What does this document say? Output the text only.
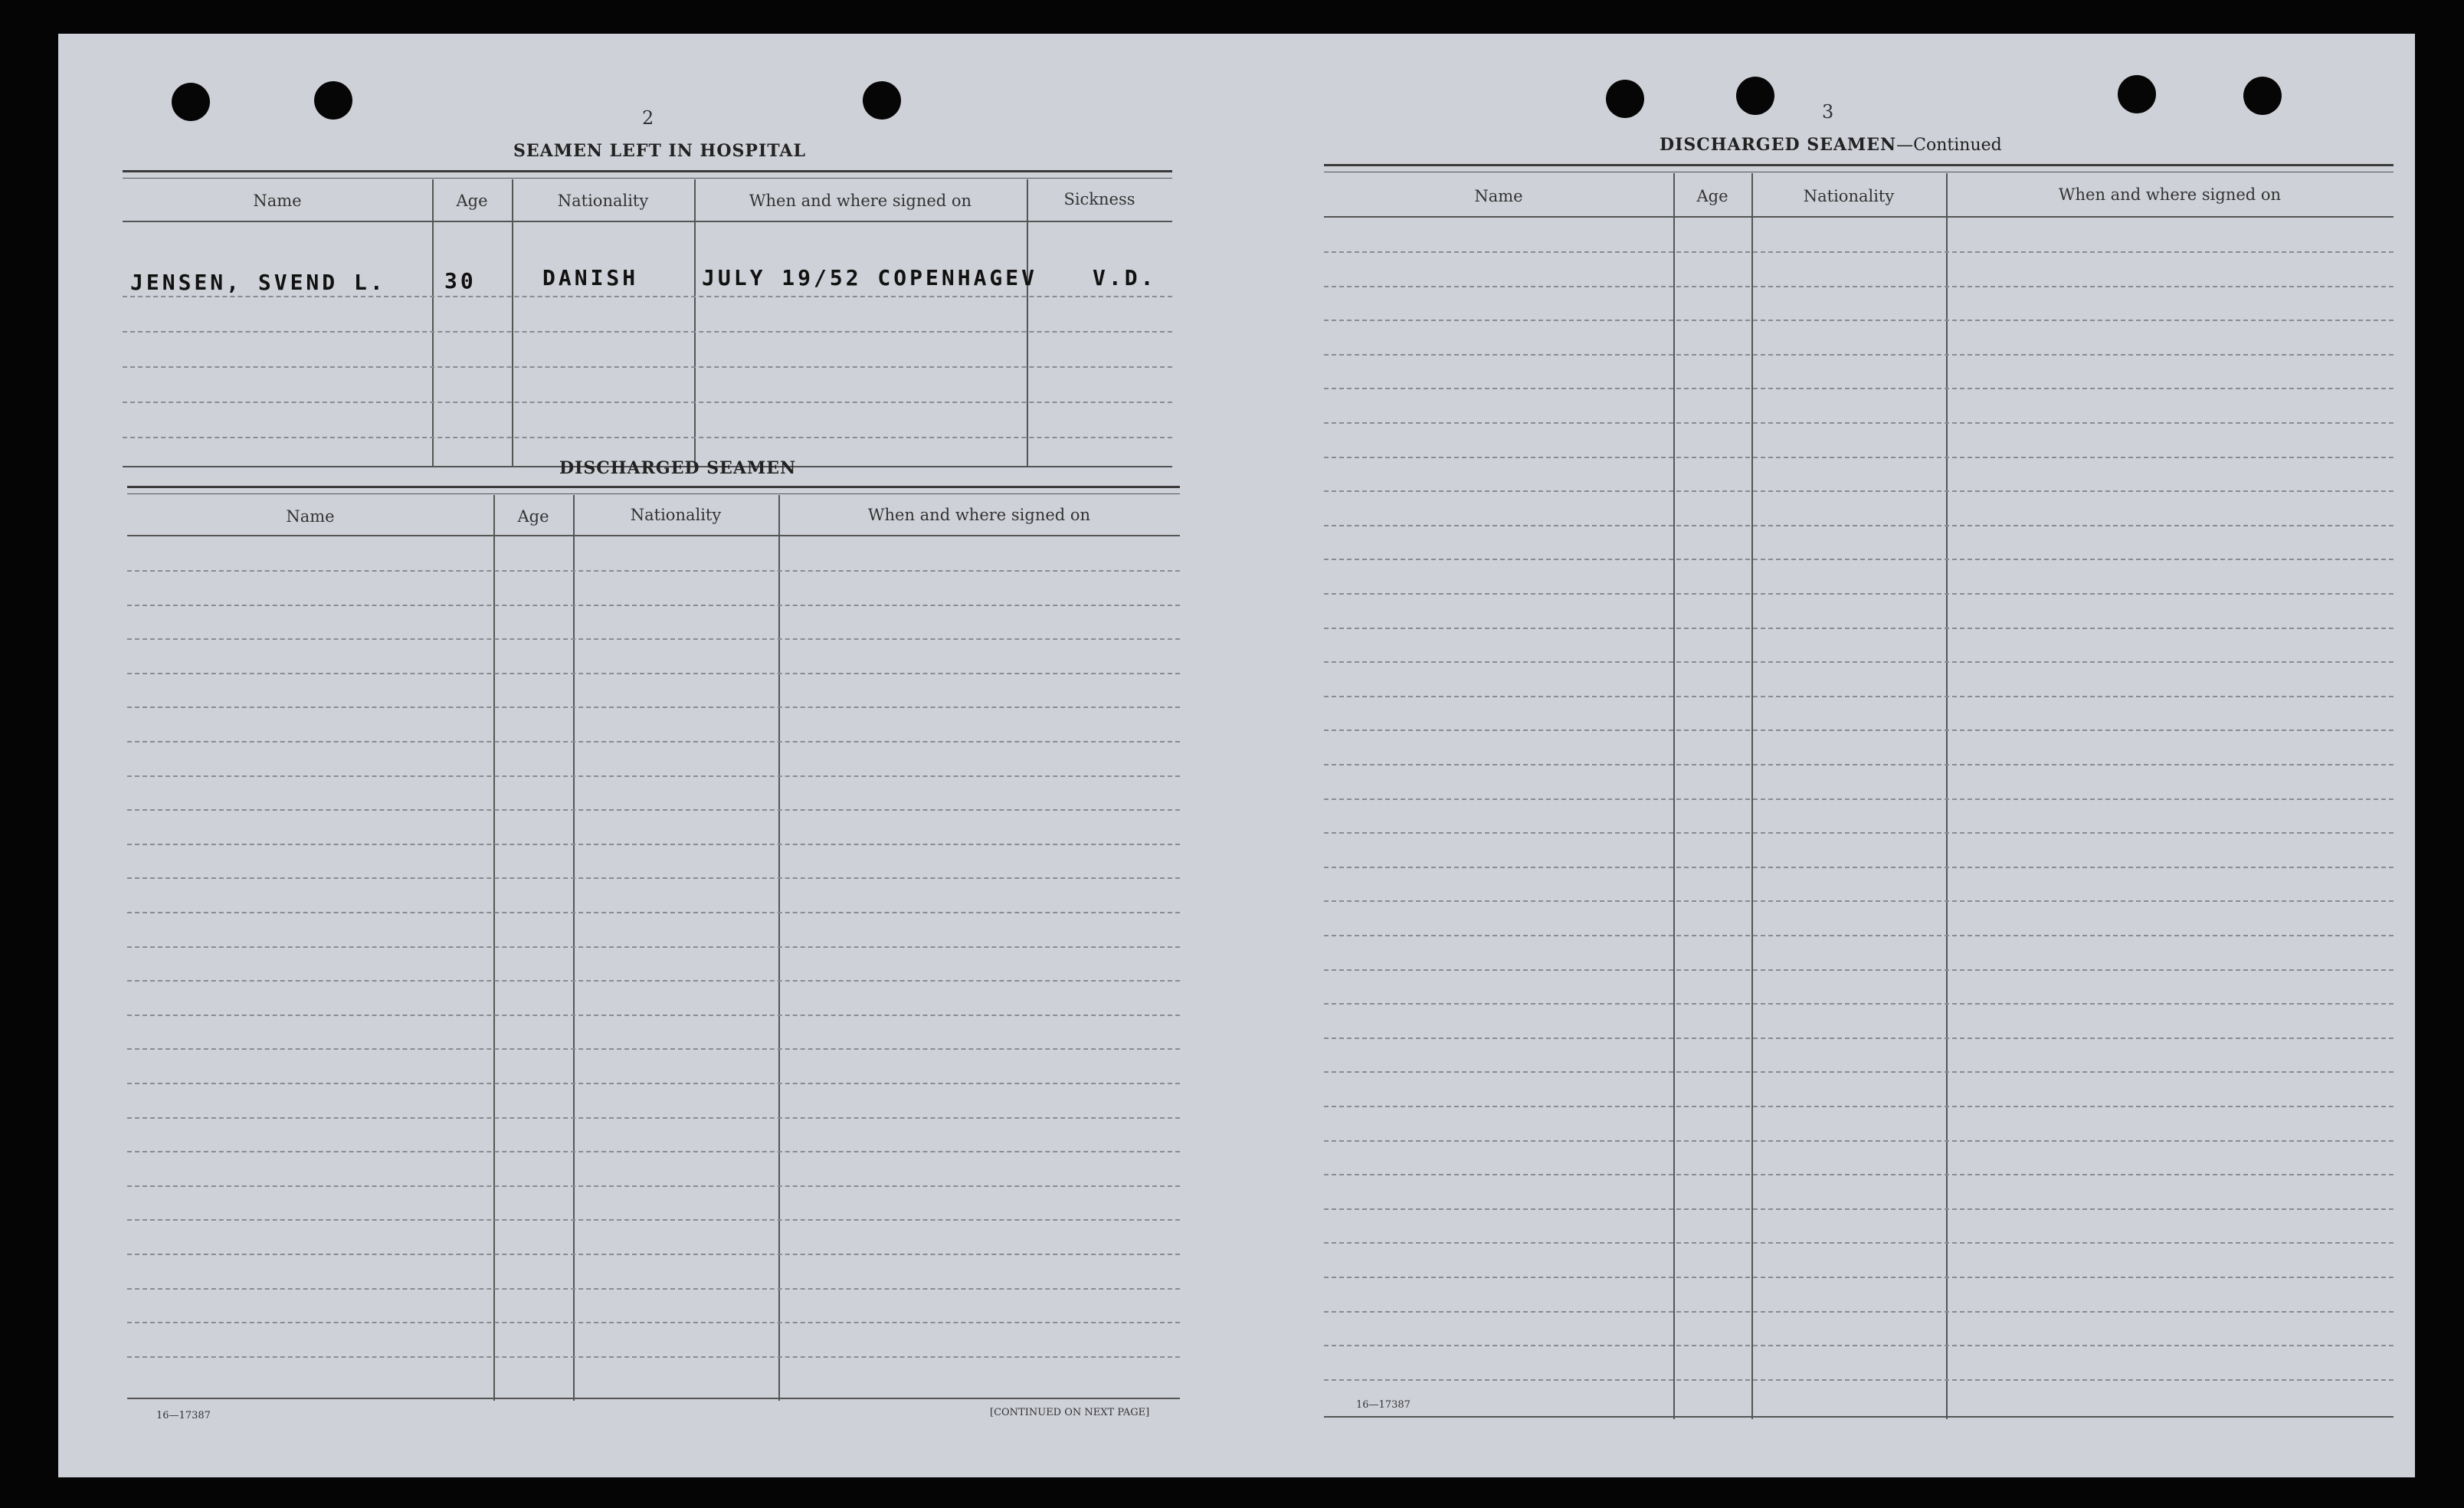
2	3
SEAMEN LEFT IN HOSPITAL
Name	Age	Nationality	When and where signed on	Sickness
JENSEN, SVEND L.	30	DANISH	JULY 19/52 COPENHAGEV	V.D.
DISCHARGED SEAMEN
Name	Age	Nationality	When and where signed on
16—17387	[CONTINUED ON NEXT PAGE]
DISCHARGED SEAMEN—Continued
Name	Age	Nationality	When and where signed on
16—17387
